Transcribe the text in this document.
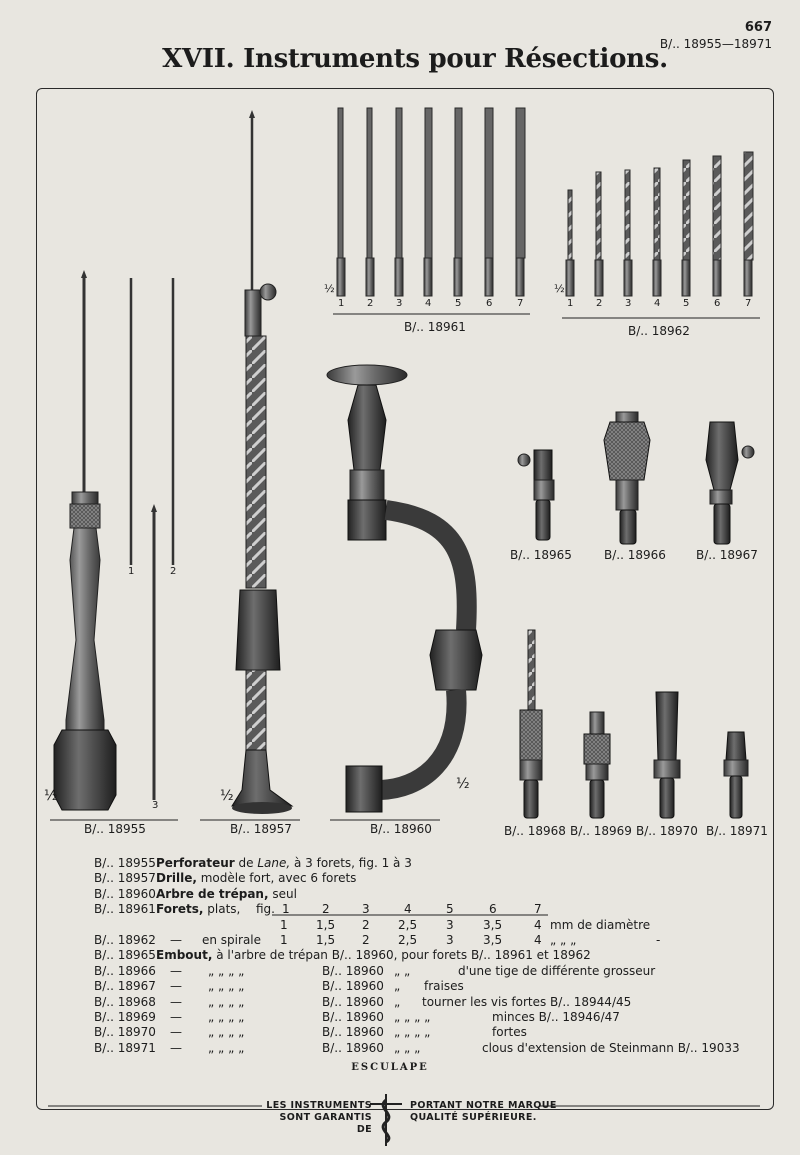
667
B/.. 18955—18971
XVII. Instruments pour Résections.
B/.. 18955	B/.. 18957	B/.. 18960
B/.. 18961	B/.. 18962
B/.. 18965	B/.. 18966	B/.. 18967
B/.. 18968 B/.. 18969 B/.. 18970 B/.. 18971
½	½
½
½	½
1	2
3
1 2 3 4 5 6 7	1 2 3 4 5 6 7
B/.. 18955 Perforateur de Lane, à 3 forets, fig. 1 à 3
B/.. 18957 Drille, modèle fort, avec 6 forets
B/.. 18960 Arbre de trépan, seul
B/.. 18961 Forets, plats, fig. 1	2	3	4	5	6	7
1 1,5 2 2,5 3 3,5	4 mm de diamètre
B/.. 18962 — en spirale 1 1,5 2 2,5 3 3,5	4 „ „ „	-
B/.. 18965 Embout, à l'arbre de trépan B/.. 18960, pour forets B/.. 18961 et 18962
B/.. 18966 — „ „ „ „	B/.. 18960 „ „	d'une tige de différente grosseur
B/.. 18967 — „ „ „ „	B/.. 18960 „ fraises
B/.. 18968 — „ „ „ „	B/.. 18960 „ tourner les vis fortes B/.. 18944/45
B/.. 18969 — „ „ „ „	B/.. 18960 „ „ „ „	minces B/.. 18946/47
B/.. 18970 — „ „ „ „	B/.. 18960 „ „ „ „	fortes
B/.. 18971 — „ „ „ „	B/.. 18960 „ „ „	clous d'extension de Steinmann B/.. 19033
ESCULAPE
LES INSTRUMENTS
SONT GARANTIS DE
PORTANT NOTRE MARQUE
QUALITÉ SUPÉRIEURE.
